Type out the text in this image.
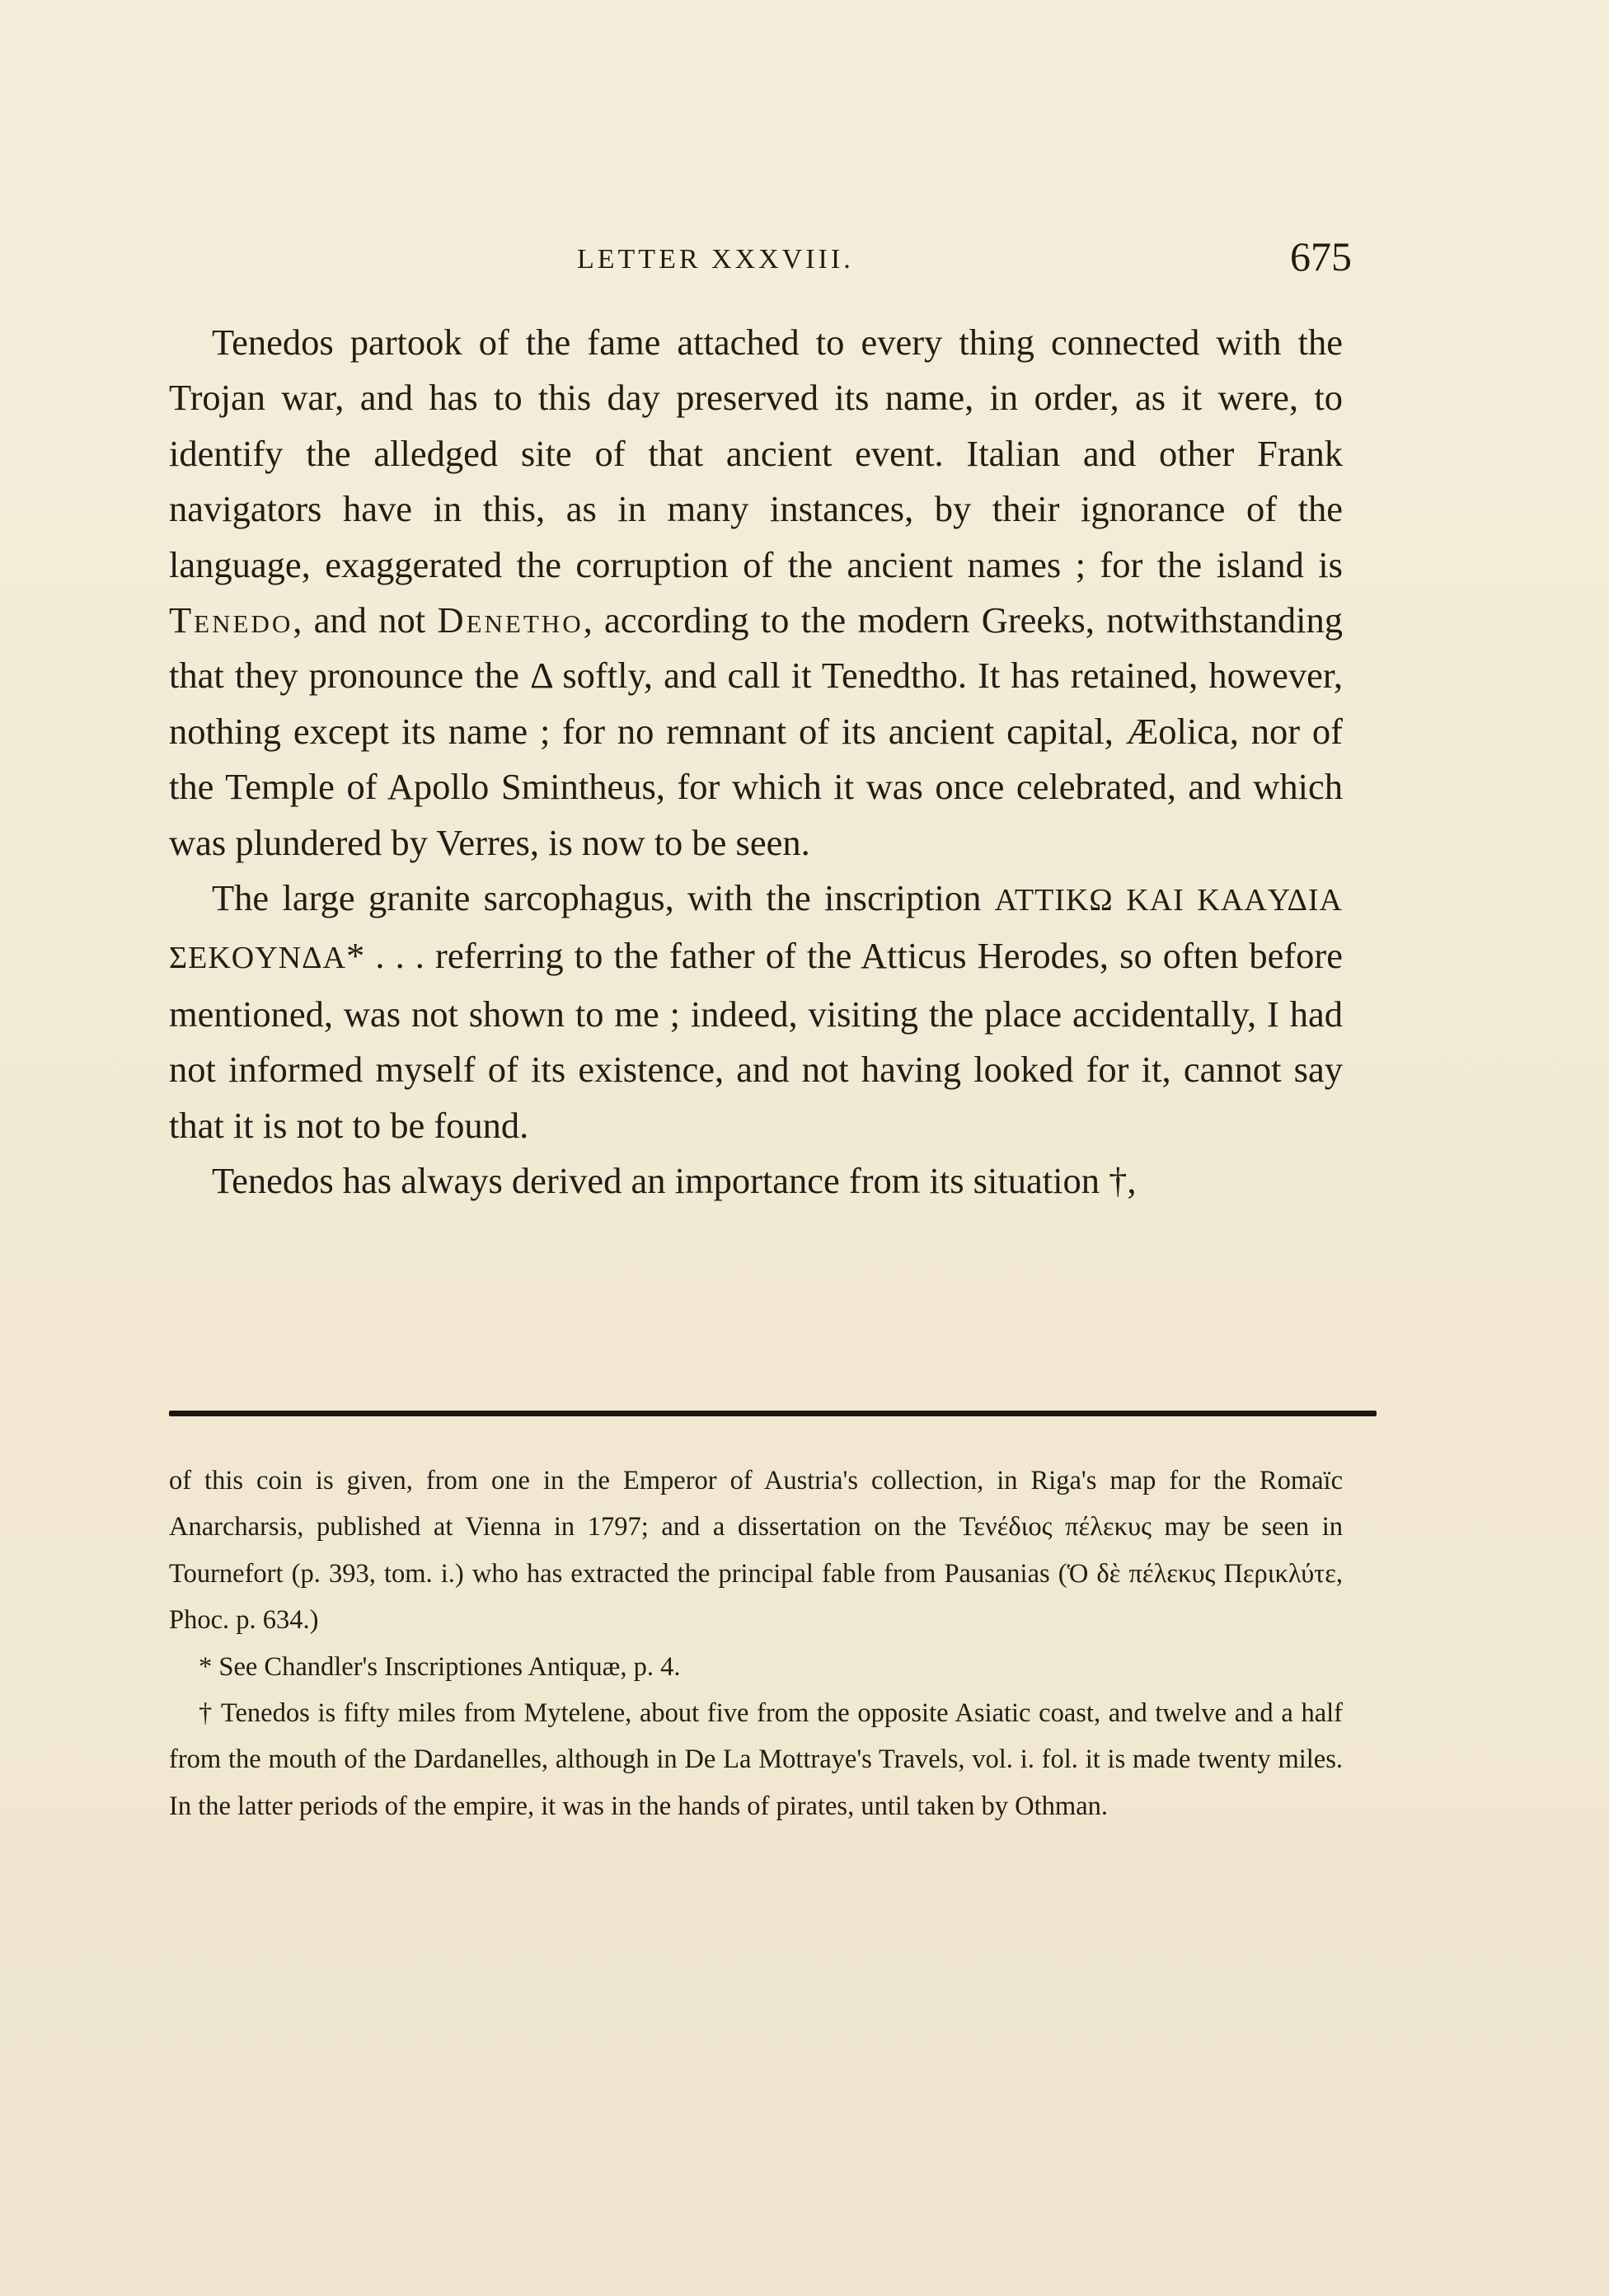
LETTER XXXVIII.	675

Tenedos partook of the fame attached to every thing connected with the Trojan war, and has to this day preserved its name, in order, as it were, to identify the alledged site of that ancient event. Italian and other Frank navigators have in this, as in many instances, by their ignorance of the language, exaggerated the corruption of the ancient names ; for the island is Tenedo, and not Denetho, according to the modern Greeks, notwithstanding that they pronounce the Δ softly, and call it Tenedtho. It has retained, however, nothing except its name ; for no remnant of its ancient capital, Æolica, nor of the Temple of Apollo Smintheus, for which it was once celebrated, and which was plundered by Verres, is now to be seen.

The large granite sarcophagus, with the inscription ATTIKΩ KAI KAAΥΔIA ΣEKOΥNΔA* . . . referring to the father of the Atticus Herodes, so often before mentioned, was not shown to me ; indeed, visiting the place accidentally, I had not informed myself of its existence, and not having looked for it, cannot say that it is not to be found.

Tenedos has always derived an importance from its situation †,

of this coin is given, from one in the Emperor of Austria's collection, in Riga's map for the Romaïc Anarcharsis, published at Vienna in 1797; and a dissertation on the Τενέδιος πέλεκυς may be seen in Tournefort (p. 393, tom. i.) who has extracted the principal fable from Pausanias (Ὁ δὲ πέλεκυς Περικλύτε, Phoc. p. 634.)

* See Chandler's Inscriptiones Antiquæ, p. 4.

† Tenedos is fifty miles from Mytelene, about five from the opposite Asiatic coast, and twelve and a half from the mouth of the Dardanelles, although in De La Mottraye's Travels, vol. i. fol. it is made twenty miles. In the latter periods of the empire, it was in the hands of pirates, until taken by Othman.
